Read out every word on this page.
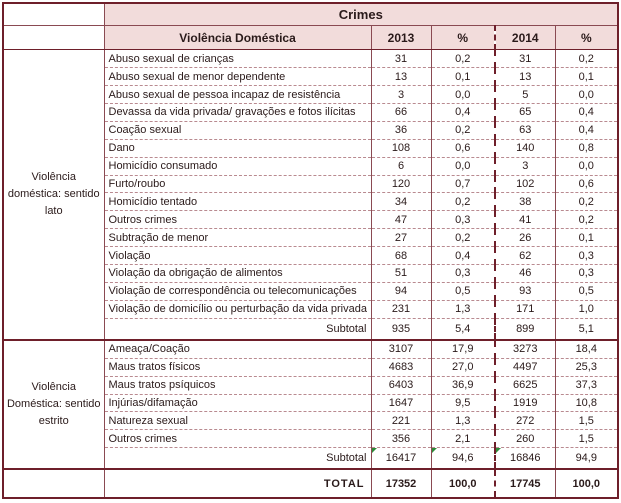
	Crimes				
	Violência Doméstica	2013	%	2014	%
Violência doméstica: sentido lato	Abuso sexual de crianças	31	0,2	31	0,2
	Abuso sexual de menor dependente	13	0,1	13	0,1
	Abuso sexual de pessoa incapaz de resistência	3	0,0	5	0,0
	Devassa da vida privada/ gravações e fotos ilícitas	66	0,4	65	0,4
	Coação sexual	36	0,2	63	0,4
	Dano	108	0,6	140	0,8
	Homicídio consumado	6	0,0	3	0,0
	Furto/roubo	120	0,7	102	0,6
	Homicídio tentado	34	0,2	38	0,2
	Outros crimes	47	0,3	41	0,2
	Subtração de menor	27	0,2	26	0,1
	Violação	68	0,4	62	0,3
	Violação da obrigação de alimentos	51	0,3	46	0,3
	Violação de correspondência ou telecomunicações	94	0,5	93	0,5
	Violação de domicílio ou perturbação da vida privada	231	1,3	171	1,0
	Subtotal	935	5,4	899	5,1
Violência Doméstica: sentido estrito	Ameaça/Coação	3107	17,9	3273	18,4
	Maus tratos físicos	4683	27,0	4497	25,3
	Maus tratos psíquicos	6403	36,9	6625	37,3
	Injúrias/difamação	1647	9,5	1919	10,8
	Natureza sexual	221	1,3	272	1,5
	Outros crimes	356	2,1	260	1,5
	Subtotal	16417	94,6	16846	94,9
	TOTAL	17352	100,0	17745	100,0
